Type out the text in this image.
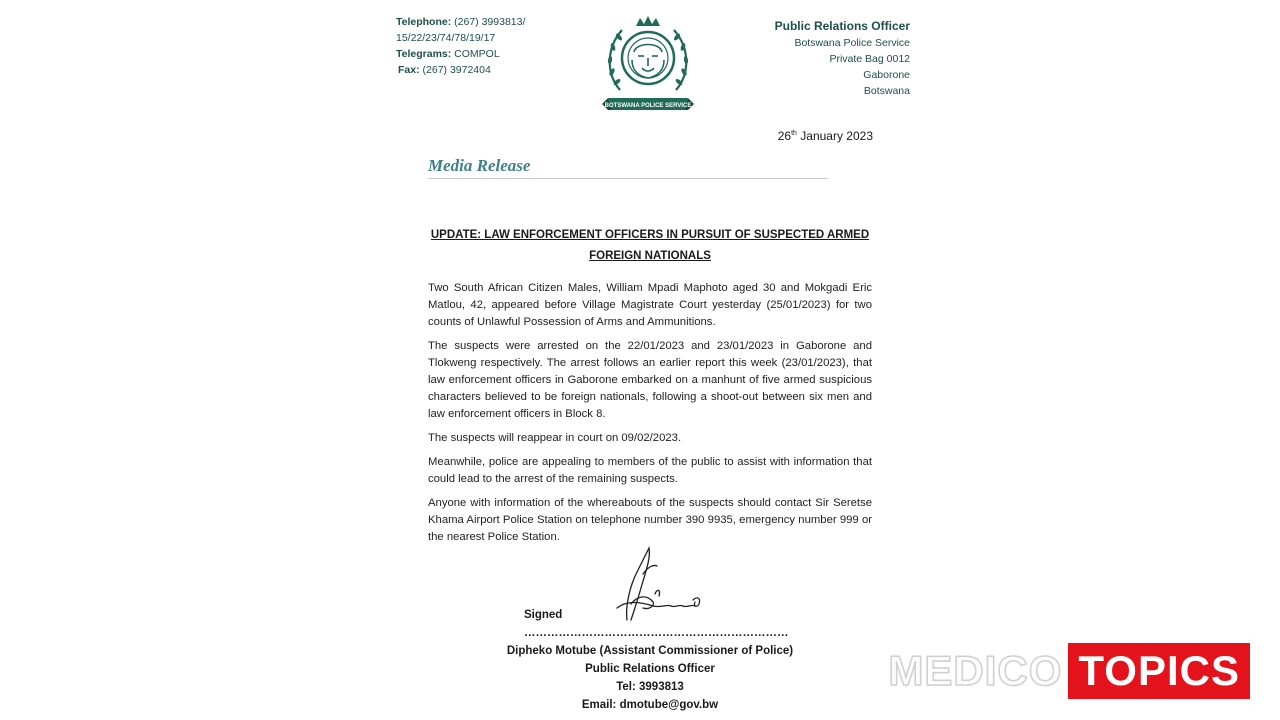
Telephone: (267) 3993813/
15/22/23/74/78/19/17
Telegrams: COMPOL
Fax: (267) 3972404
BOTSWANA POLICE SERVICE
Public Relations Officer
Botswana Police Service
Private Bag 0012
Gaborone
Botswana
26th January 2023
Media Release
UPDATE: LAW ENFORCEMENT OFFICERS IN PURSUIT OF SUSPECTED ARMED
FOREIGN NATIONALS

Two South African Citizen Males, William Mpadi Maphoto aged 30 and Mokgadi Eric Matlou, 42, appeared before Village Magistrate Court yesterday (25/01/2023) for two counts of Unlawful Possession of Arms and Ammunitions.

The suspects were arrested on the 22/01/2023 and 23/01/2023 in Gaborone and Tlokweng respectively. The arrest follows an earlier report this week (23/01/2023), that law enforcement officers in Gaborone embarked on a manhunt of five armed suspicious characters believed to be foreign nationals, following a shoot-out between six men and law enforcement officers in Block 8.

The suspects will reappear in court on 09/02/2023.

Meanwhile, police are appealing to members of the public to assist with information that could lead to the arrest of the remaining suspects.

Anyone with information of the whereabouts of the suspects should contact Sir Seretse Khama Airport Police Station on telephone number 390 9935, emergency number 999 or the nearest Police Station.

Signed ……………………………………………………………
Dipheko Motube (Assistant Commissioner of Police)
Public Relations Officer
Tel: 3993813
Email: dmotube@gov.bw
MEDICO TOPICS
